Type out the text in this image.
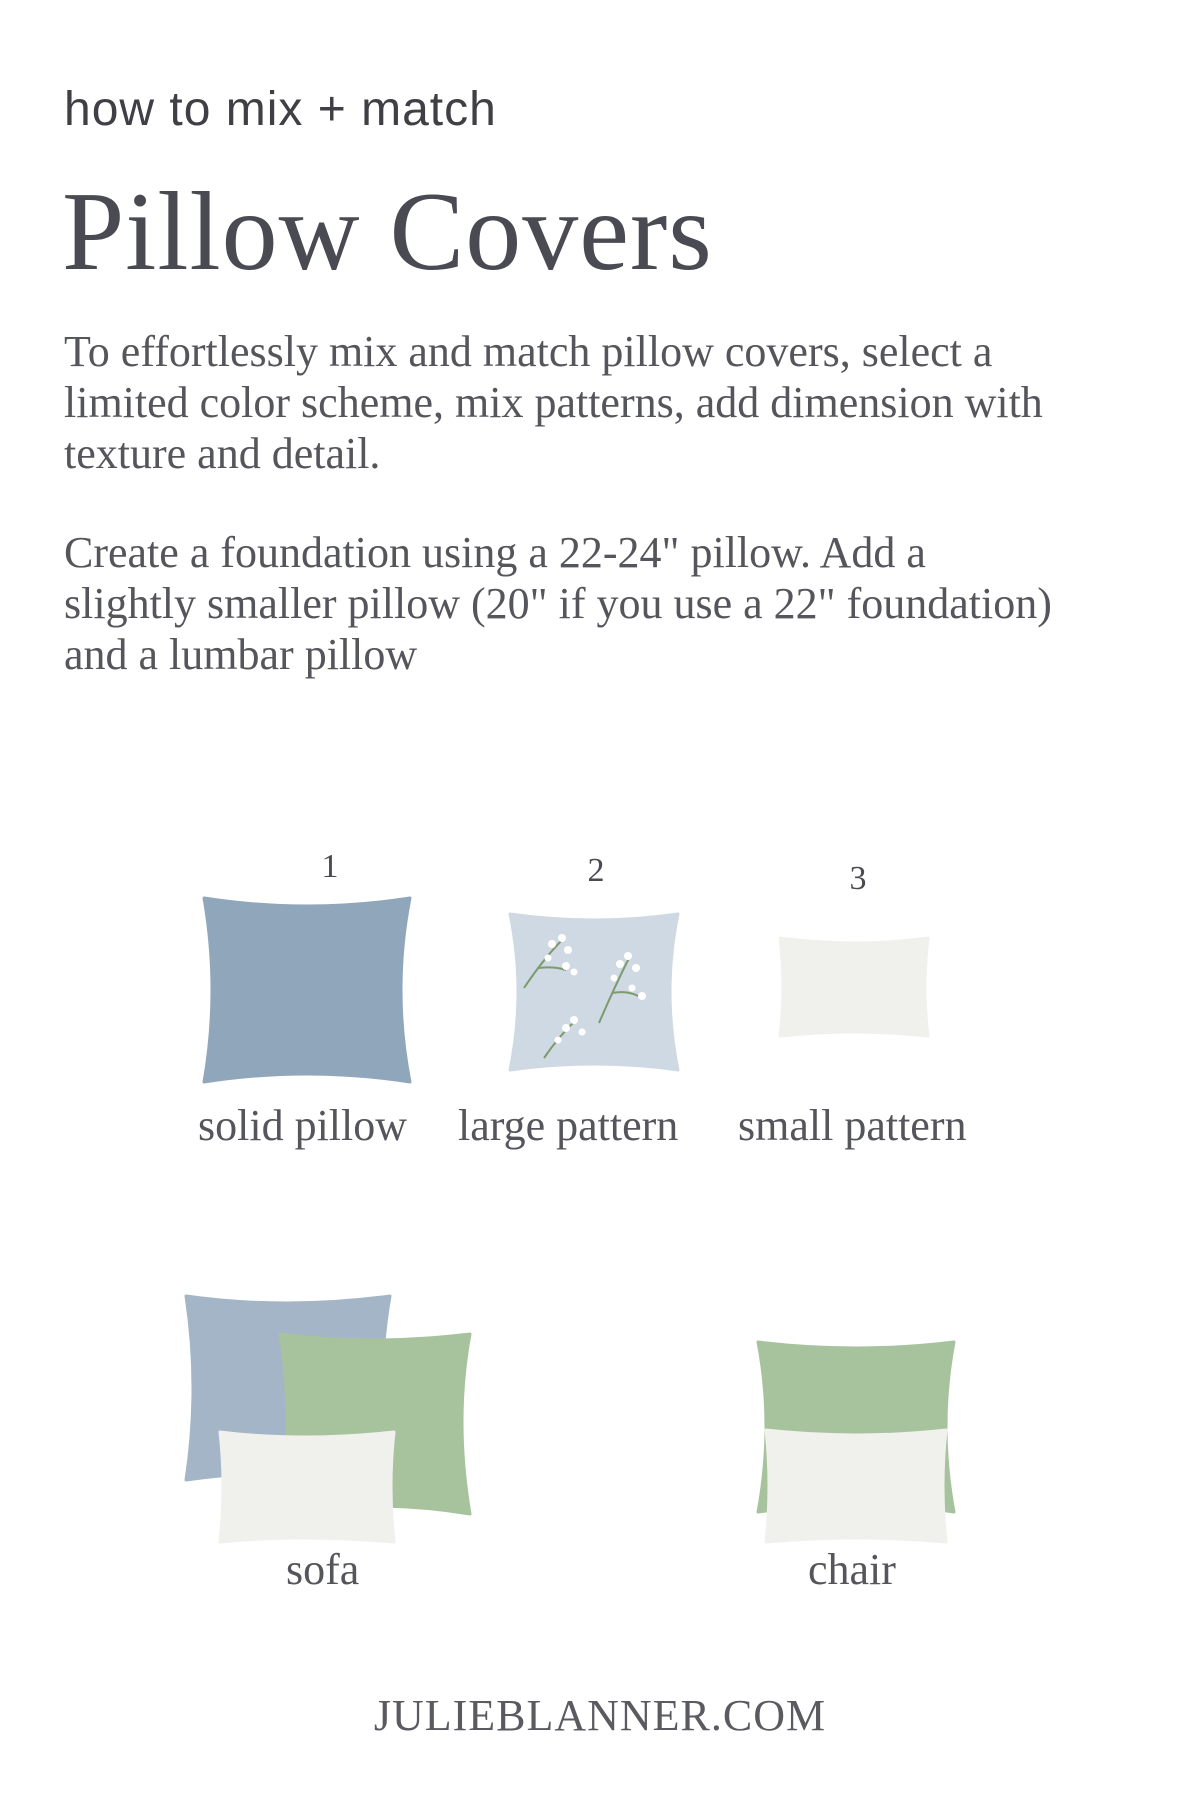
how to mix + match
Pillow Covers
To effortlessly mix and match pillow covers, select a limited color scheme, mix patterns, add dimension with texture and detail.
Create a foundation using a 22-24" pillow. Add a slightly smaller pillow (20" if you use a 22" foundation) and a lumbar pillow
1	2	3
solid pillow large pattern small pattern
sofa	chair
JULIEBLANNER.COM
